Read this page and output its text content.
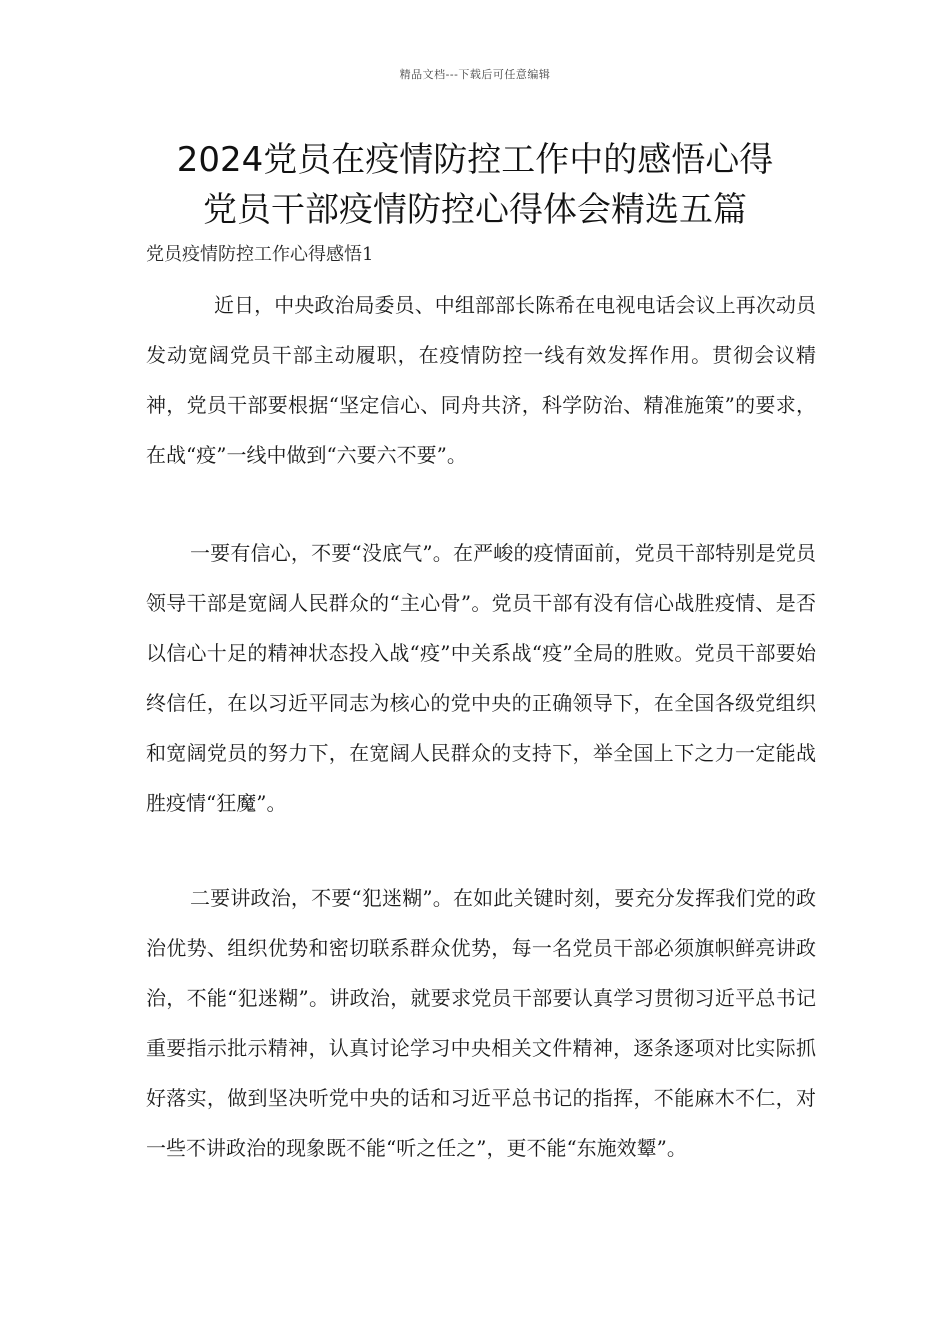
精品文档---下载后可任意编辑
2024党员在疫情防控工作中的感悟心得
党员干部疫情防控心得体会精选五篇
党员疫情防控工作心得感悟1

近日，中央政治局委员、中组部部长陈希在电视电话会议上再次动员发动宽阔党员干部主动履职，在疫情防控一线有效发挥作用。贯彻会议精神，党员干部要根据“坚定信心、同舟共济，科学防治、精准施策”的要求，在战“疫”一线中做到“六要六不要”。

一要有信心，不要“没底气”。在严峻的疫情面前，党员干部特别是党员领导干部是宽阔人民群众的“主心骨”。党员干部有没有信心战胜疫情、是否以信心十足的精神状态投入战“疫”中关系战“疫”全局的胜败。党员干部要始终信任，在以习近平同志为核心的党中央的正确领导下，在全国各级党组织和宽阔党员的努力下，在宽阔人民群众的支持下，举全国上下之力一定能战胜疫情“狂魔”。

二要讲政治，不要“犯迷糊”。在如此关键时刻，要充分发挥我们党的政治优势、组织优势和密切联系群众优势，每一名党员干部必须旗帜鲜亮讲政治，不能“犯迷糊”。讲政治，就要求党员干部要认真学习贯彻习近平总书记重要指示批示精神，认真讨论学习中央相关文件精神，逐条逐项对比实际抓好落实，做到坚决听党中央的话和习近平总书记的指挥，不能麻木不仁，对一些不讲政治的现象既不能“听之任之”，更不能“东施效颦”。
